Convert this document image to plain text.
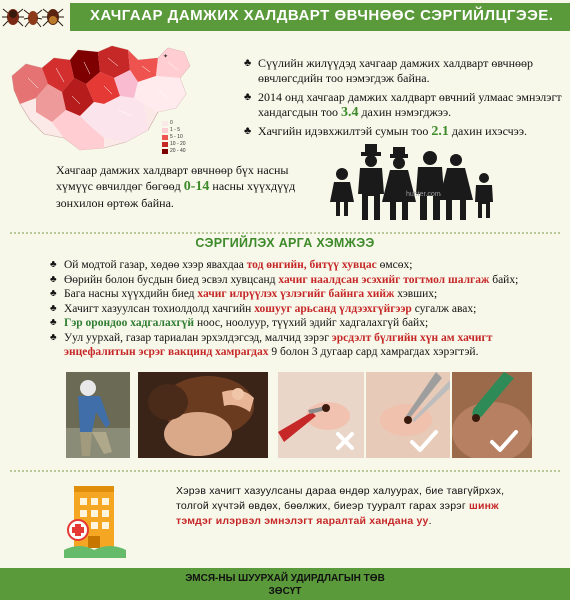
ХАЧГААР ДАМЖИХ ХАЛДВАРТ ӨВЧНӨӨС СЭРГИЙЛЦГЭЭЕ.
✦
0
1 - 5
5 - 10
10 - 20
20 - 40
♣ Сүүлийн жилүүдэд хачгаар дамжих халдварт өвчнөөр өвчлөгсдийн тоо нэмэгдэж байна.
♣ 2014 онд хачгаар дамжих халдварт өвчний улмаас эмнэлэгт хандагсдын тоо 3.4 дахин нэмэгджээ.
♣ Хачгийн идэвхжилтэй сумын тоо 2.1 дахин ихэсчээ.
Хачгаар дамжих халдварт өвчнөөр бүх насны хүмүүс өвчилдөг бөгөөд 0-14 насны хүүхдүүд зонхилон өртөж байна.
hunter.com
СЭРГИЙЛЭХ АРГА ХЭМЖЭЭ
♣ Ой модтой газар, хөдөө хээр явахдаа тод өнгийн, битүү хувцас өмсөх;
♣ Өөрийн болон бусдын биед эсвэл хувцсанд хачиг наалдсан эсэхийг тогтмол шалгаж байх;
♣ Бага насны хүүхдийн биед хачиг илрүүлэх үзлэгийг байнга хийж хэвших;
♣ Хачигт хазуулсан тохиолдолд хачгийн хошууг арьсанд үлдээхгүйгээр сугалж авах;
♣ Гэр орондоо хадгалахгүй ноос, ноолуур, түүхий эдийг хадгалахгүй байх;
♣ Уул уурхай, газар тариалан эрхэлдэгсэд, малчид зэрэг эрсдэлт бүлгийн хүн ам хачигт энцефалитын эсрэг вакцинд хамрагдах 9 болон 3 дугаар сард хамрагдах хэрэгтэй.
Хэрэв хачигт хазуулсаны дараа өндөр халуурах, бие тавгүйрхэх, толгой хүчтэй өвдөх, бөөлжих, биеэр тууралт гарах зэрэг шинж тэмдэг илэрвэл эмнэлэгт яаралтай хандана уу.
ЭМСЯ-НЫ ШУУРХАЙ УДИРДЛАГЫН ТӨВ
ЗӨСҮТ
